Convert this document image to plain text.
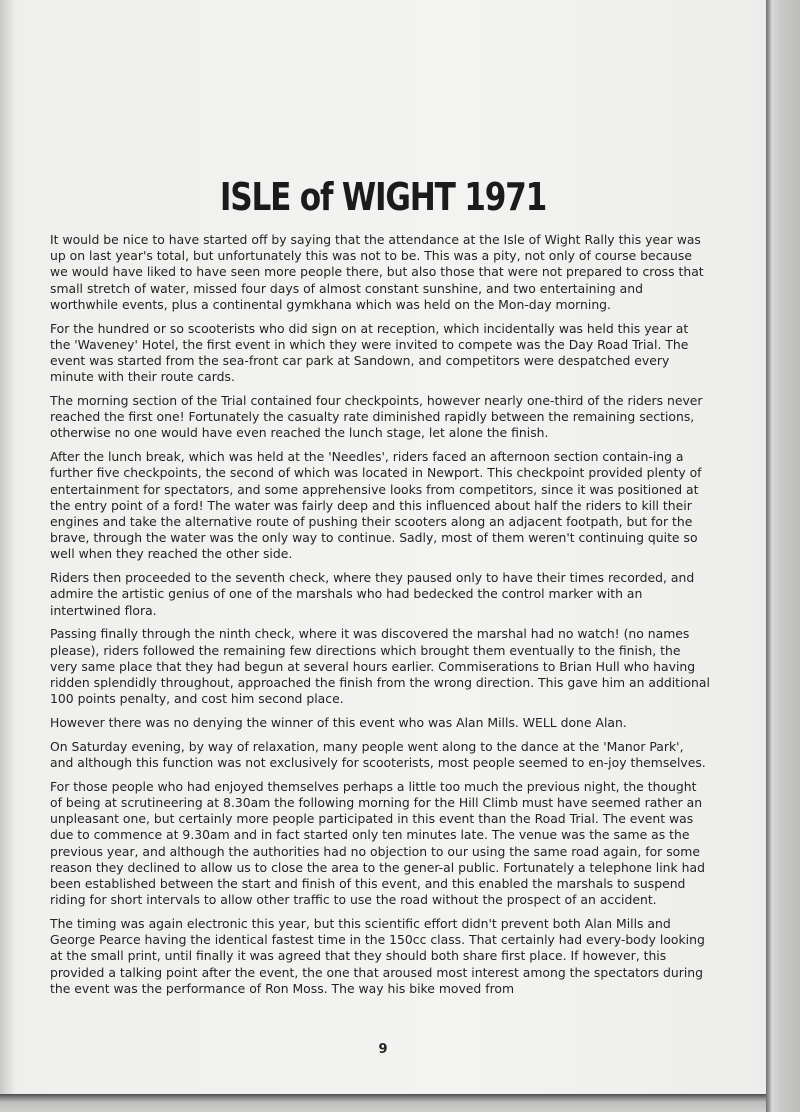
ISLE of WIGHT 1971

It would be nice to have started off by saying that the attendance at the Isle of Wight Rally this year was up on last year's total, but unfortunately this was not to be. This was a pity, not only of course because we would have liked to have seen more people there, but also those that were not prepared to cross that small stretch of water, missed four days of almost constant sunshine, and two entertaining and worthwhile events, plus a continental gymkhana which was held on the Mon-day morning.

For the hundred or so scooterists who did sign on at reception, which incidentally was held this year at the 'Waveney' Hotel, the first event in which they were invited to compete was the Day Road Trial. The event was started from the sea-front car park at Sandown, and competitors were despatched every minute with their route cards.

The morning section of the Trial contained four checkpoints, however nearly one-third of the riders never reached the first one! Fortunately the casualty rate diminished rapidly between the remaining sections, otherwise no one would have even reached the lunch stage, let alone the finish.

After the lunch break, which was held at the 'Needles', riders faced an afternoon section contain-ing a further five checkpoints, the second of which was located in Newport. This checkpoint provided plenty of entertainment for spectators, and some apprehensive looks from competitors, since it was positioned at the entry point of a ford! The water was fairly deep and this influenced about half the riders to kill their engines and take the alternative route of pushing their scooters along an adjacent footpath, but for the brave, through the water was the only way to continue. Sadly, most of them weren't continuing quite so well when they reached the other side.

Riders then proceeded to the seventh check, where they paused only to have their times recorded, and admire the artistic genius of one of the marshals who had bedecked the control marker with an intertwined flora.

Passing finally through the ninth check, where it was discovered the marshal had no watch! (no names please), riders followed the remaining few directions which brought them eventually to the finish, the very same place that they had begun at several hours earlier. Commiserations to Brian Hull who having ridden splendidly throughout, approached the finish from the wrong direction. This gave him an additional 100 points penalty, and cost him second place.

However there was no denying the winner of this event who was Alan Mills. WELL done Alan.

On Saturday evening, by way of relaxation, many people went along to the dance at the 'Manor Park', and although this function was not exclusively for scooterists, most people seemed to en-joy themselves.

For those people who had enjoyed themselves perhaps a little too much the previous night, the thought of being at scrutineering at 8.30am the following morning for the Hill Climb must have seemed rather an unpleasant one, but certainly more people participated in this event than the Road Trial. The event was due to commence at 9.30am and in fact started only ten minutes late. The venue was the same as the previous year, and although the authorities had no objection to our using the same road again, for some reason they declined to allow us to close the area to the gener-al public. Fortunately a telephone link had been established between the start and finish of this event, and this enabled the marshals to suspend riding for short intervals to allow other traffic to use the road without the prospect of an accident.

The timing was again electronic this year, but this scientific effort didn't prevent both Alan Mills and George Pearce having the identical fastest time in the 150cc class. That certainly had every-body looking at the small print, until finally it was agreed that they should both share first place. If however, this provided a talking point after the event, the one that aroused most interest among the spectators during the event was the performance of Ron Moss. The way his bike moved from

9
